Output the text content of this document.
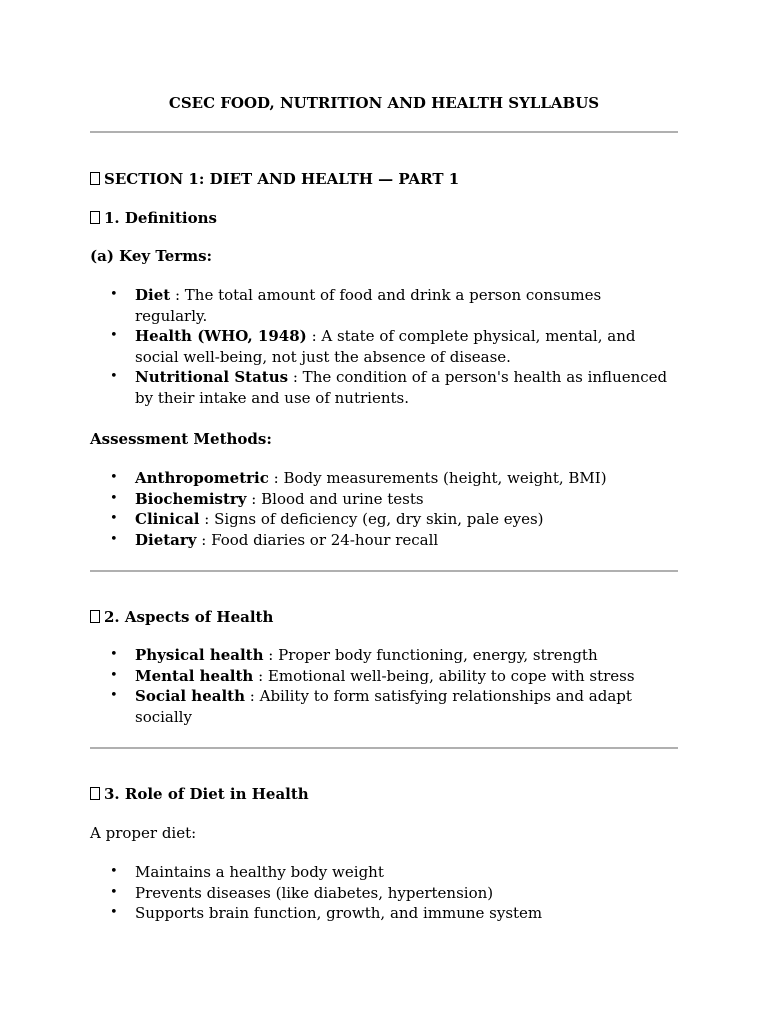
CSEC FOOD, NUTRITION AND HEALTH SYLLABUS
SECTION 1: DIET AND HEALTH — PART 1
1. Definitions
(a) Key Terms:
• Diet : The total amount of food and drink a person consumes regularly.
• Health (WHO, 1948) : A state of complete physical, mental, and social well-being, not just the absence of disease.
• Nutritional Status : The condition of a person's health as influenced by their intake and use of nutrients.
Assessment Methods:
• Anthropometric : Body measurements (height, weight, BMI)
• Biochemistry : Blood and urine tests
• Clinical : Signs of deficiency (eg, dry skin, pale eyes)
• Dietary : Food diaries or 24-hour recall
2. Aspects of Health
• Physical health : Proper body functioning, energy, strength
• Mental health : Emotional well-being, ability to cope with stress
• Social health : Ability to form satisfying relationships and adapt socially
3. Role of Diet in Health
A proper diet:
• Maintains a healthy body weight
• Prevents diseases (like diabetes, hypertension)
• Supports brain function, growth, and immune system
